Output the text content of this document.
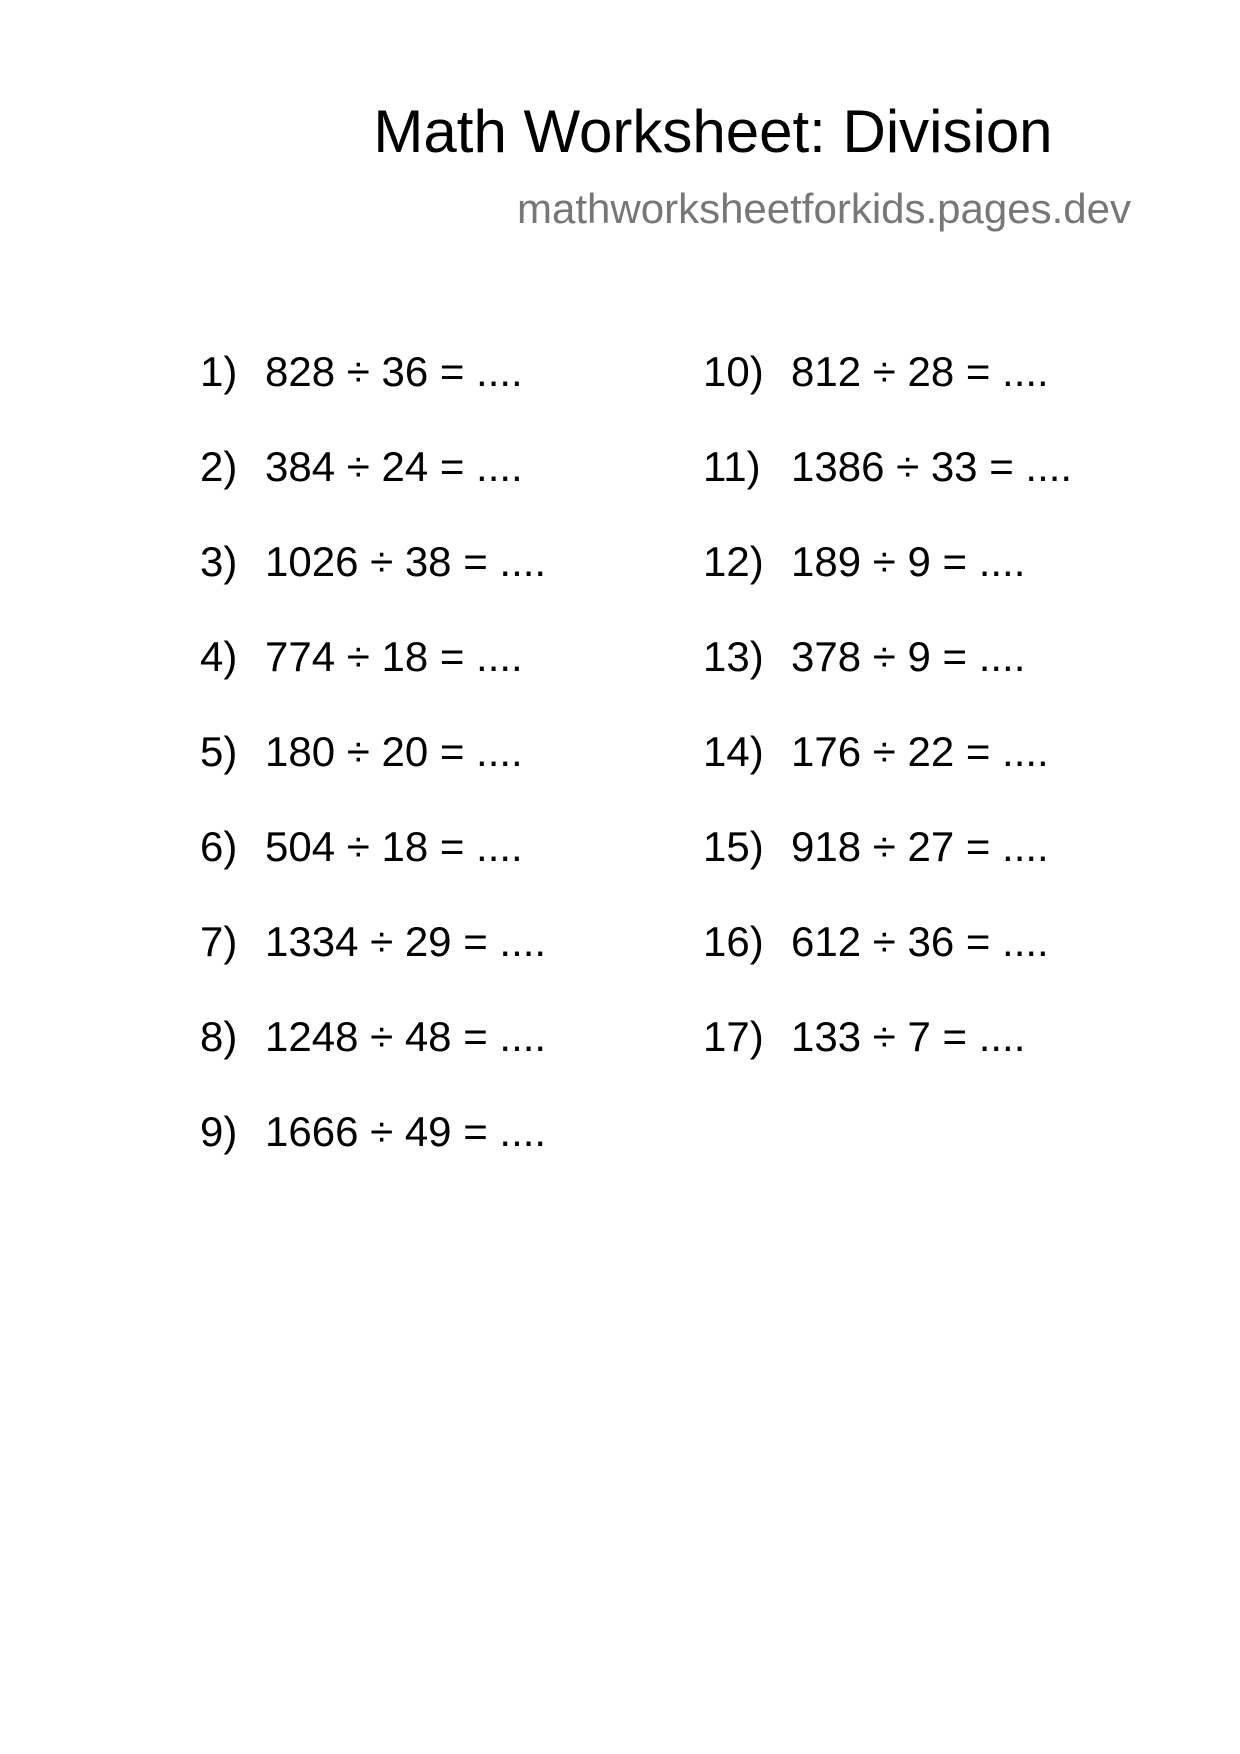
Math Worksheet: Division
mathworksheetforkids.pages.dev
1) 828 ÷ 36 = ....
2) 384 ÷ 24 = ....
3) 1026 ÷ 38 = ....
4) 774 ÷ 18 = ....
5) 180 ÷ 20 = ....
6) 504 ÷ 18 = ....
7) 1334 ÷ 29 = ....
8) 1248 ÷ 48 = ....
9) 1666 ÷ 49 = ....
10) 812 ÷ 28 = ....
11) 1386 ÷ 33 = ....
12) 189 ÷ 9 = ....
13) 378 ÷ 9 = ....
14) 176 ÷ 22 = ....
15) 918 ÷ 27 = ....
16) 612 ÷ 36 = ....
17) 133 ÷ 7 = ....
